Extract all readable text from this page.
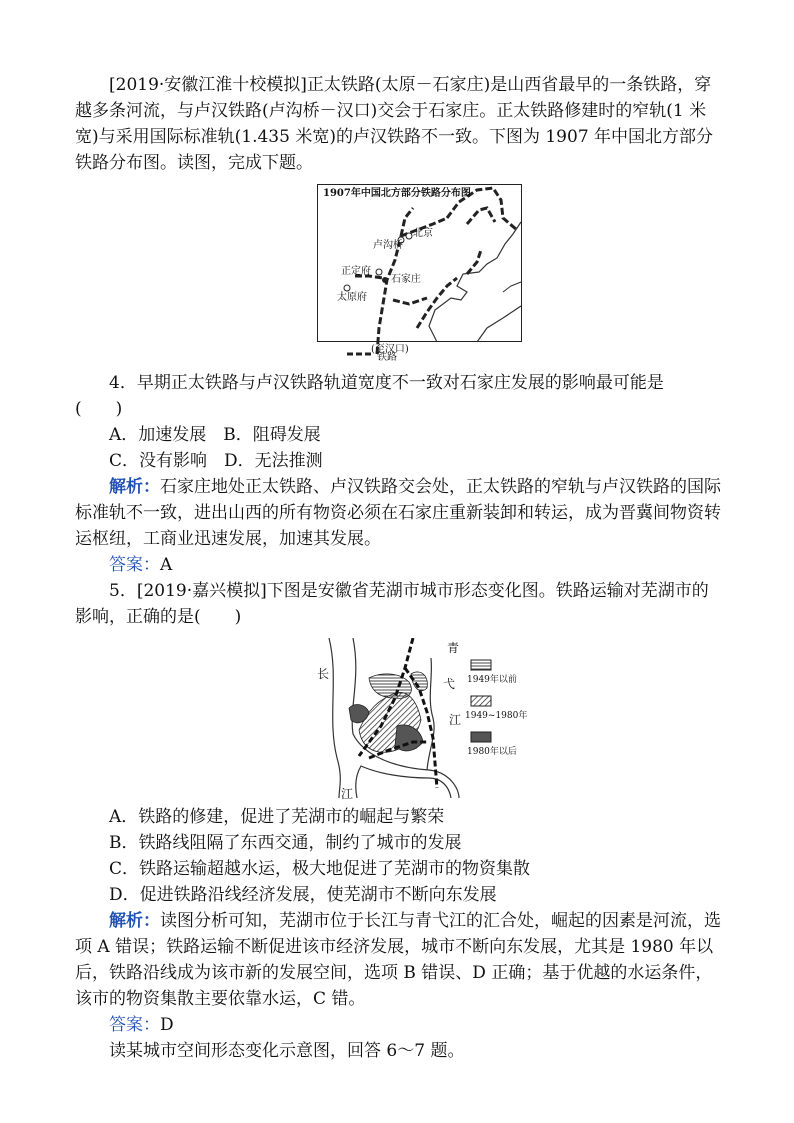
[2019·安徽江淮十校模拟]正太铁路(太原－石家庄)是山西省最早的一条铁路，穿越多条河流，与卢汉铁路(卢沟桥－汉口)交会于石家庄。正太铁路修建时的窄轨(1 米宽)与采用国际标准轨(1.435 米宽)的卢汉铁路不一致。下图为 1907 年中国北方部分铁路分布图。读图，完成下题。

1907年中国北方部分铁路分布图
北京
卢沟桥
正定府
石家庄
太原府
(至汉口)
铁路

4．早期正太铁路与卢汉铁路轨道宽度不一致对石家庄发展的影响最可能是

(　　)

A．加速发展　 B．阻碍发展

C．没有影响　 D．无法推测

解析：石家庄地处正太铁路、卢汉铁路交会处，正太铁路的窄轨与卢汉铁路的国际标准轨不一致，进出山西的所有物资必须在石家庄重新装卸和转运，成为晋冀间物资转运枢纽，工商业迅速发展，加速其发展。

答案：A

5．[2019·嘉兴模拟]下图是安徽省芜湖市城市形态变化图。铁路运输对芜湖市的影响，正确的是(　　)

长
江
青
弋
江
1949年以前
1949~1980年
1980年以后

A．铁路的修建，促进了芜湖市的崛起与繁荣

B．铁路线阻隔了东西交通，制约了城市的发展

C．铁路运输超越水运，极大地促进了芜湖市的物资集散

D．促进铁路沿线经济发展，使芜湖市不断向东发展

解析：读图分析可知，芜湖市位于长江与青弋江的汇合处，崛起的因素是河流，选项 A 错误；铁路运输不断促进该市经济发展，城市不断向东发展，尤其是 1980 年以后，铁路沿线成为该市新的发展空间，选项 B 错误、D 正确；基于优越的水运条件，该市的物资集散主要依靠水运，C 错。

答案：D

读某城市空间形态变化示意图，回答 6～7 题。
